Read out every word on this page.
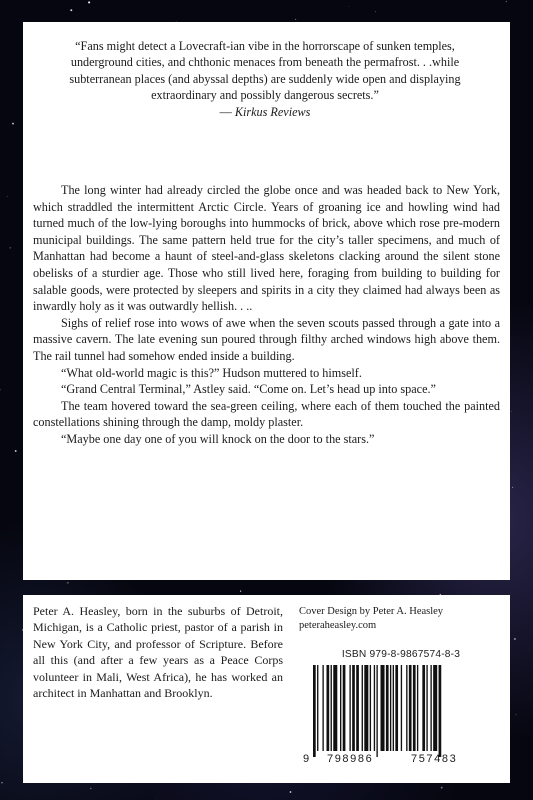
“Fans might detect a Lovecraft-ian vibe in the horrorscape of sunken temples, underground cities, and chthonic menaces from beneath the permafrost. . .while subterranean places (and abyssal depths) are suddenly wide open and displaying extraordinary and possibly dangerous secrets.”
— Kirkus Reviews

The long winter had already circled the globe once and was headed back to New York, which straddled the intermittent Arctic Circle. Years of groaning ice and howling wind had turned much of the low-lying boroughs into hummocks of brick, above which rose pre-modern municipal buildings. The same pattern held true for the city’s taller specimens, and much of Manhattan had become a haunt of steel-and-glass skeletons clacking around the silent stone obelisks of a sturdier age. Those who still lived here, foraging from building to building for salable goods, were protected by sleepers and spirits in a city they claimed had always been as inwardly holy as it was outwardly hellish. . ..

Sighs of relief rose into wows of awe when the seven scouts passed through a gate into a massive cavern. The late evening sun poured through filthy arched windows high above them. The rail tunnel had somehow ended inside a building.

“What old-world magic is this?” Hudson muttered to himself.

“Grand Central Terminal,” Astley said. “Come on. Let’s head up into space.”

The team hovered toward the sea-green ceiling, where each of them touched the painted constellations shining through the damp, moldy plaster.

“Maybe one day one of you will knock on the door to the stars.”

Peter A. Heasley, born in the suburbs of Detroit, Michigan, is a Catholic priest, pastor of a parish in New York City, and professor of Scripture. Before all this (and after a few years as a Peace Corps volunteer in Mali, West Africa), he has worked an architect in Manhattan and Brooklyn.
Cover Design by Peter A. Heasley
peteraheasley.com
ISBN 979-8-9867574-8-3
9 798986	757483
